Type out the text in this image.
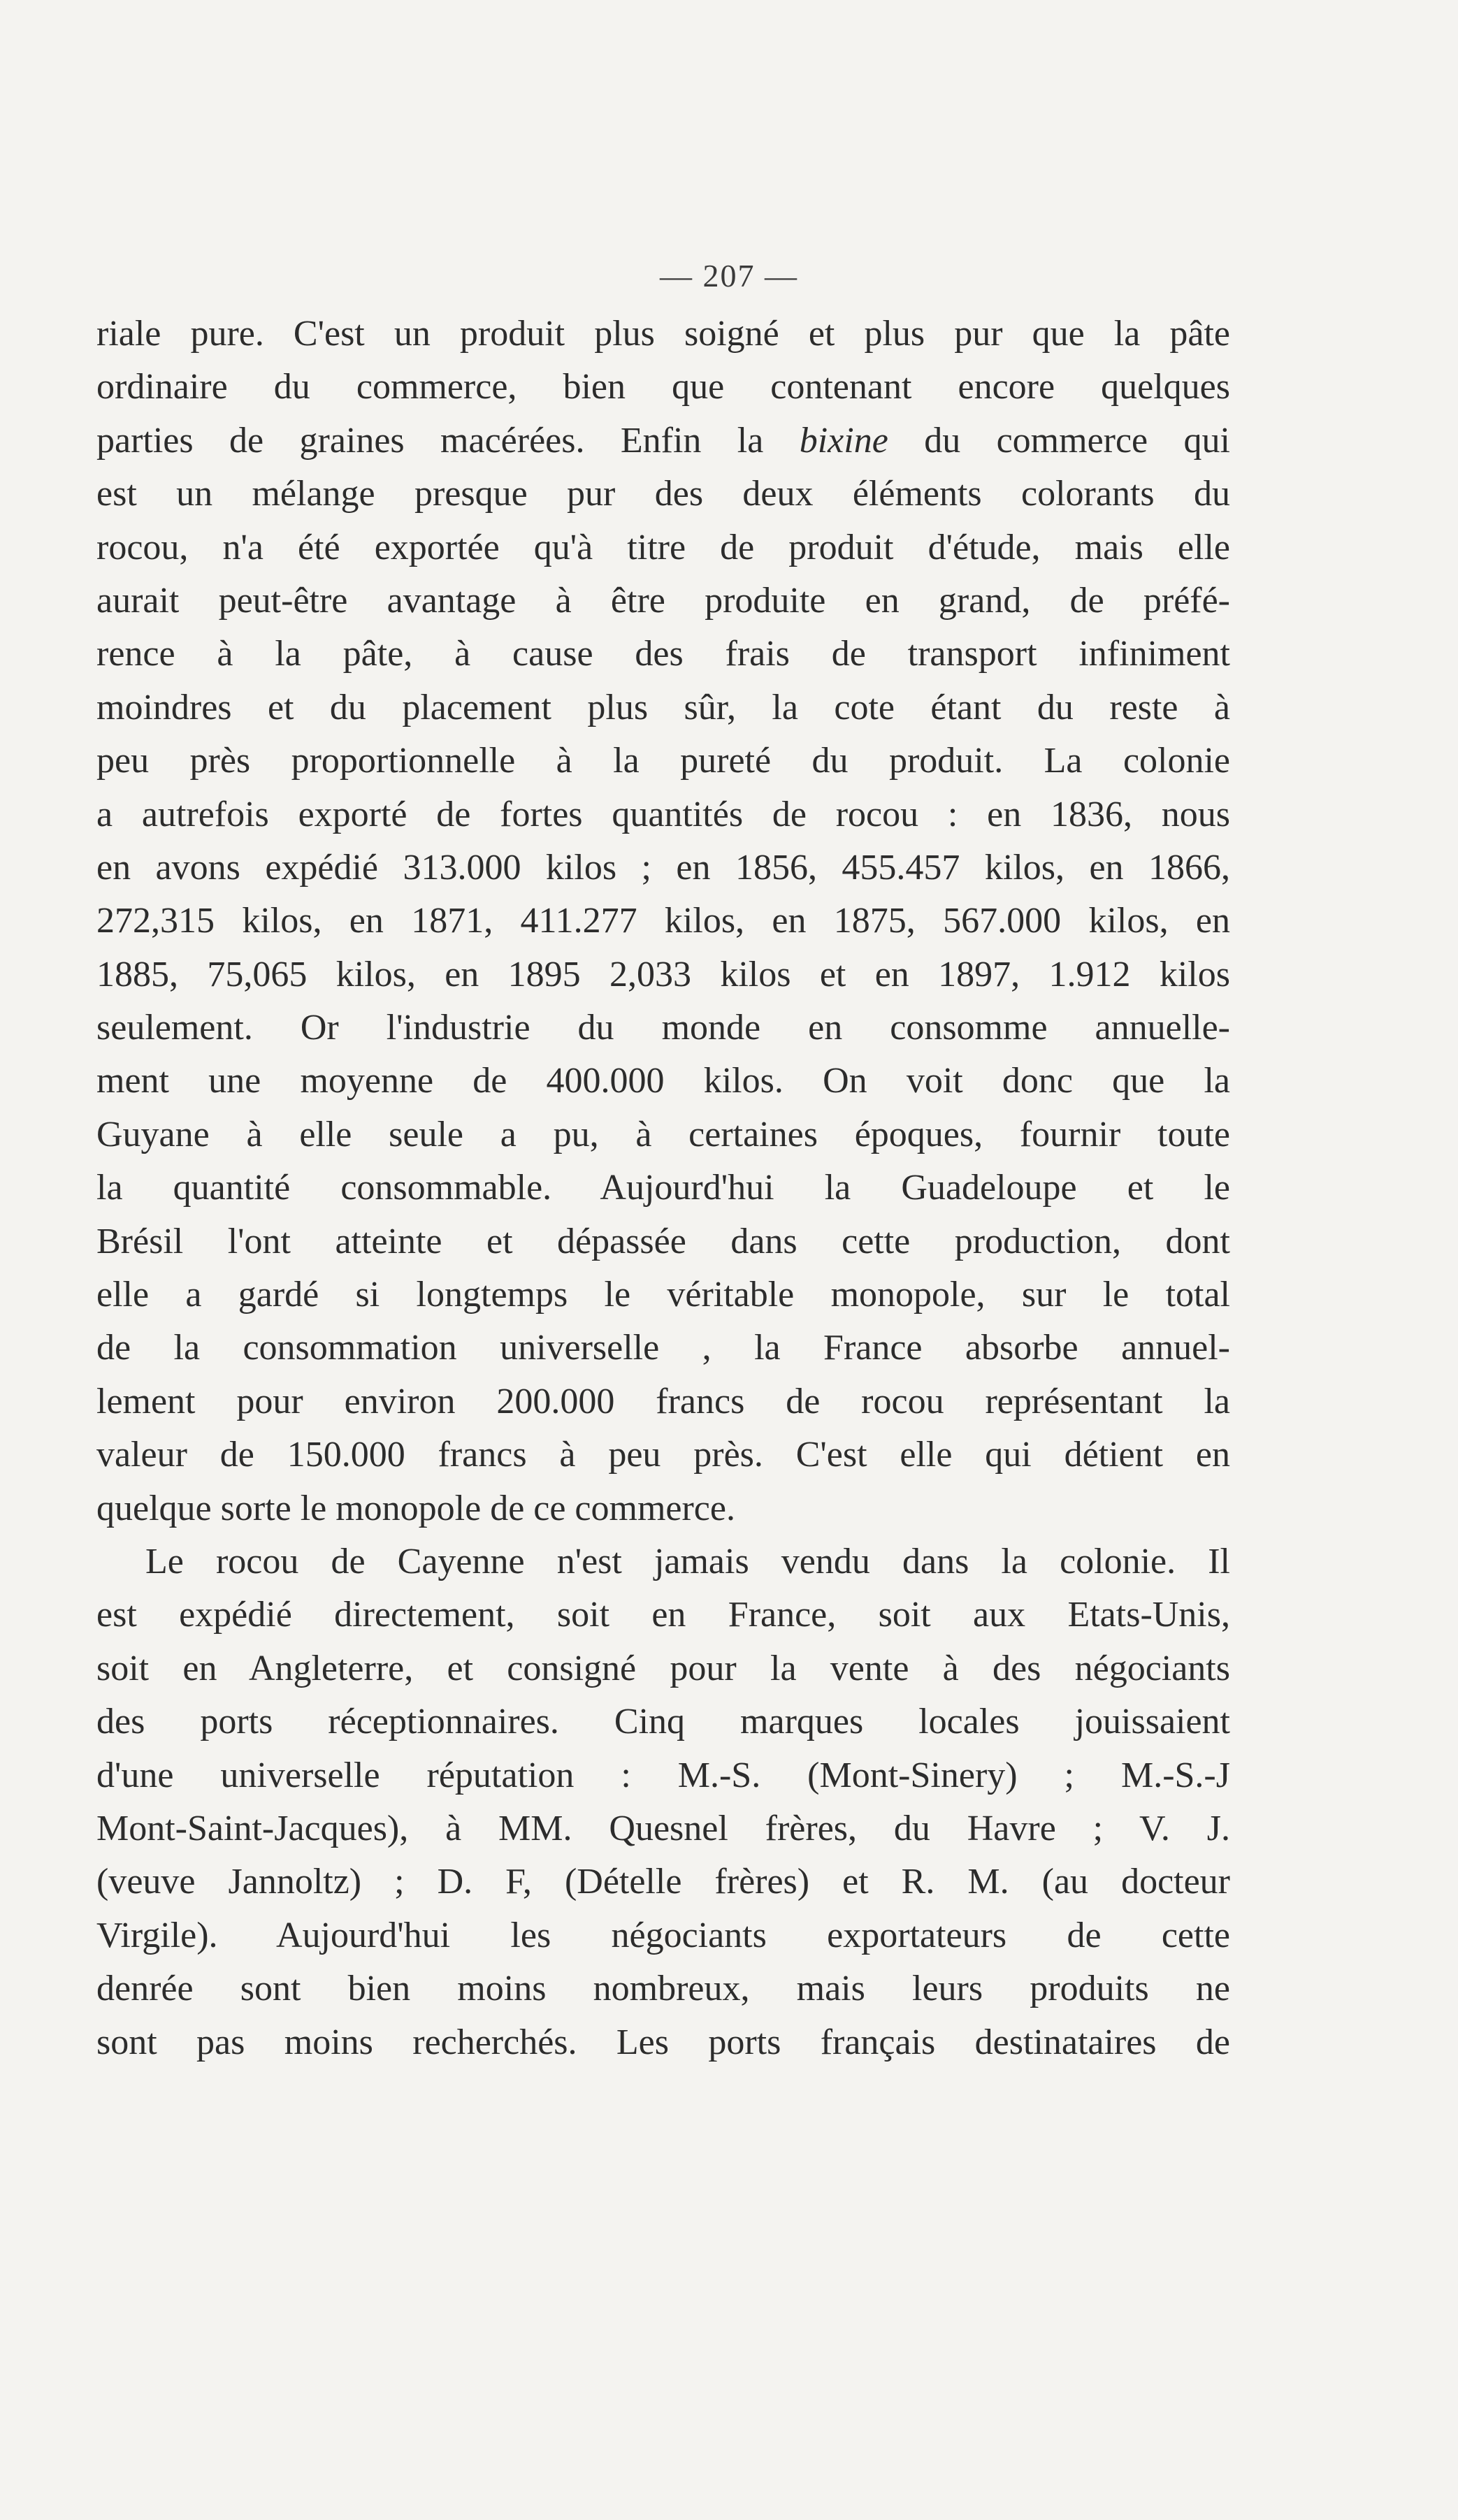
— 207 —
riale pure. C'est un produit plus soigné et plus pur que la pâte
ordinaire du commerce, bien que contenant encore quelques
parties de graines macérées. Enfin la bixine du commerce qui
est un mélange presque pur des deux éléments colorants du
rocou, n'a été exportée qu'à titre de produit d'étude, mais elle
aurait peut-être avantage à être produite en grand, de préfé-
rence à la pâte, à cause des frais de transport infiniment
moindres et du placement plus sûr, la cote étant du reste à
peu près proportionnelle à la pureté du produit. La colonie
a autrefois exporté de fortes quantités de rocou : en 1836, nous
en avons expédié 313.000 kilos ; en 1856, 455.457 kilos, en 1866,
272,315 kilos, en 1871, 411.277 kilos, en 1875, 567.000 kilos, en
1885, 75,065 kilos, en 1895 2,033 kilos et en 1897, 1.912 kilos
seulement. Or l'industrie du monde en consomme annuelle-
ment une moyenne de 400.000 kilos. On voit donc que la
Guyane à elle seule a pu, à certaines époques, fournir toute
la quantité consommable. Aujourd'hui la Guadeloupe et le
Brésil l'ont atteinte et dépassée dans cette production, dont
elle a gardé si longtemps le véritable monopole, sur le total
de la consommation universelle , la France absorbe annuel-
lement pour environ 200.000 francs de rocou représentant la
valeur de 150.000 francs à peu près. C'est elle qui détient en
quelque sorte le monopole de ce commerce.
Le rocou de Cayenne n'est jamais vendu dans la colonie. Il
est expédié directement, soit en France, soit aux Etats-Unis,
soit en Angleterre, et consigné pour la vente à des négociants
des ports réceptionnaires. Cinq marques locales jouissaient
d'une universelle réputation : M.-S. (Mont-Sinery) ; M.-S.-J
Mont-Saint-Jacques), à MM. Quesnel frères, du Havre ; V. J.
(veuve Jannoltz) ; D. F, (Dételle frères) et R. M. (au docteur
Virgile). Aujourd'hui les négociants exportateurs de cette
denrée sont bien moins nombreux, mais leurs produits ne
sont pas moins recherchés. Les ports français destinataires de
